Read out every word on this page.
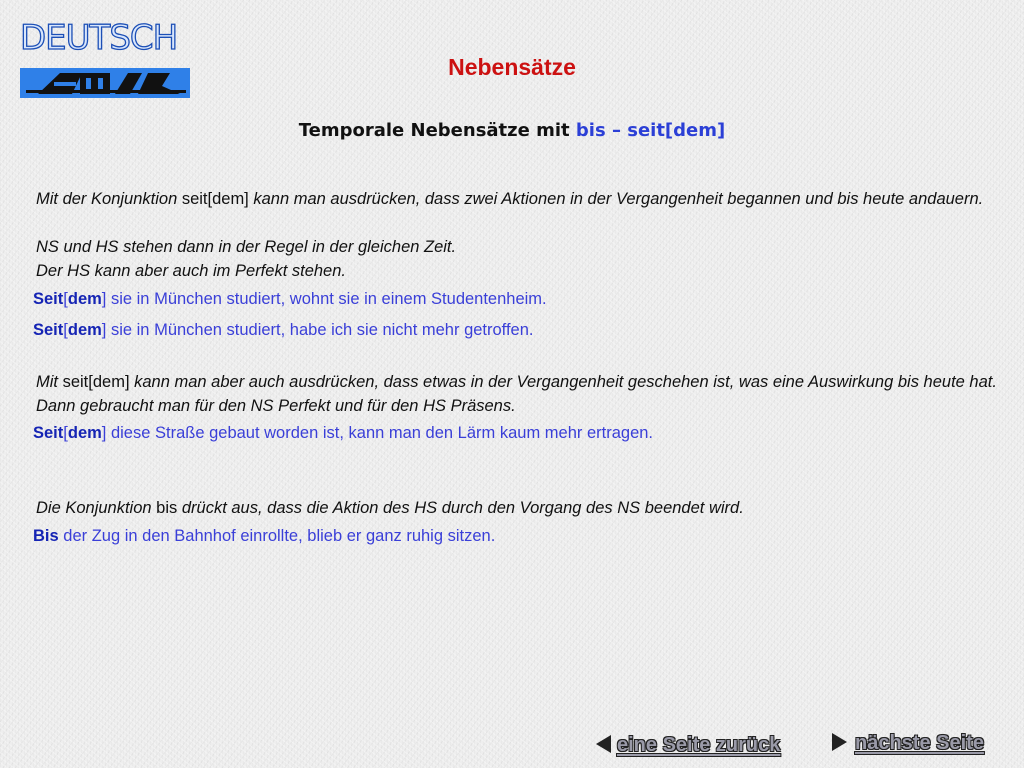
DEUTSCH
Nebensätze
Temporale Nebensätze mit bis – seit[dem]
Mit der Konjunktion seit[dem] kann man ausdrücken, dass zwei Aktionen in der Vergangenheit begannen und bis heute andauern.
NS und HS stehen dann in der Regel in der gleichen Zeit.
Der HS kann aber auch im Perfekt stehen.
Seit[dem] sie in München studiert, wohnt sie in einem Studentenheim.
Seit[dem] sie in München studiert, habe ich sie nicht mehr getroffen.
Mit seit[dem] kann man aber auch ausdrücken, dass etwas in der Vergangenheit geschehen ist, was eine Auswirkung bis heute hat. Dann gebraucht man für den NS Perfekt und für den HS Präsens.
Seit[dem] diese Straße gebaut worden ist, kann man den Lärm kaum mehr ertragen.
Die Konjunktion bis drückt aus, dass die Aktion des HS durch den Vorgang des NS beendet wird.
Bis der Zug in den Bahnhof einrollte, blieb er ganz ruhig sitzen.
eine Seite zurück	nächste Seite
